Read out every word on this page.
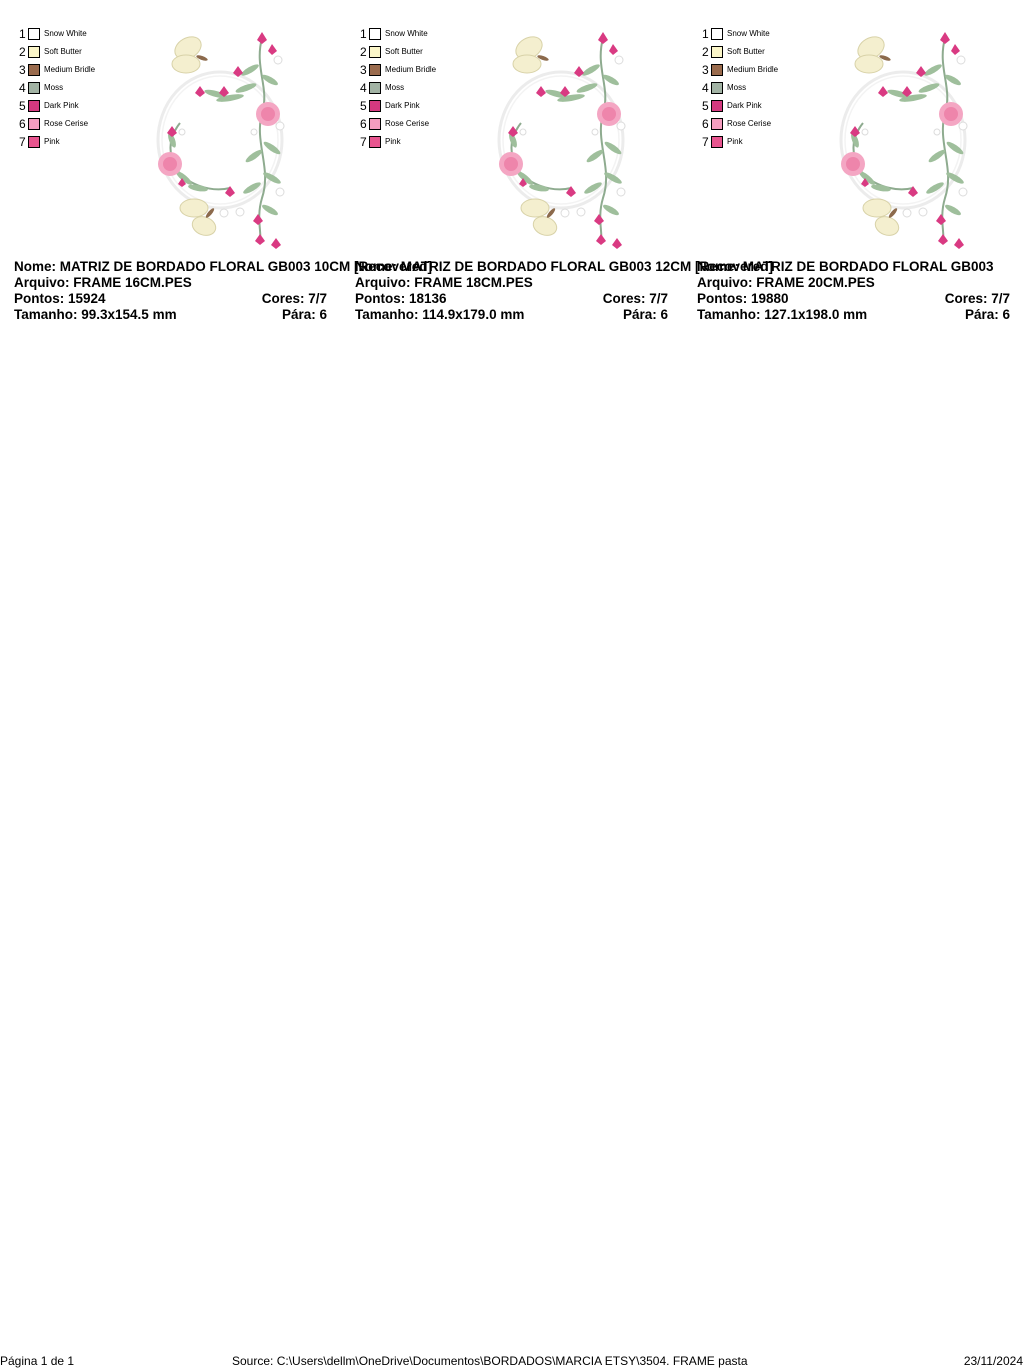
1	Snow White
2	Soft Butter
3	Medium Bridle
4	Moss
5	Dark Pink
6	Rose Cerise
7	Pink
Nome: MATRIZ DE BORDADO FLORAL GB003 10CM [Recovered]
Arquivo: FRAME 16CM.PES
Pontos: 15924	Cores: 7/7
Tamanho: 99.3x154.5 mm	Pára: 6
1	Snow White
2	Soft Butter
3	Medium Bridle
4	Moss
5	Dark Pink
6	Rose Cerise
7	Pink
Nome: MATRIZ DE BORDADO FLORAL GB003 12CM [Recovered]
Arquivo: FRAME 18CM.PES
Pontos: 18136	Cores: 7/7
Tamanho: 114.9x179.0 mm	Pára: 6
1	Snow White
2	Soft Butter
3	Medium Bridle
4	Moss
5	Dark Pink
6	Rose Cerise
7	Pink
Nome: MATRIZ DE BORDADO FLORAL GB003
Arquivo: FRAME 20CM.PES
Pontos: 19880	Cores: 7/7
Tamanho: 127.1x198.0 mm	Pára: 6
Página 1 de 1	Source: C:\Users\dellm\OneDrive\Documentos\BORDADOS\MARCIA ETSY\3504. FRAME pasta	23/11/2024
